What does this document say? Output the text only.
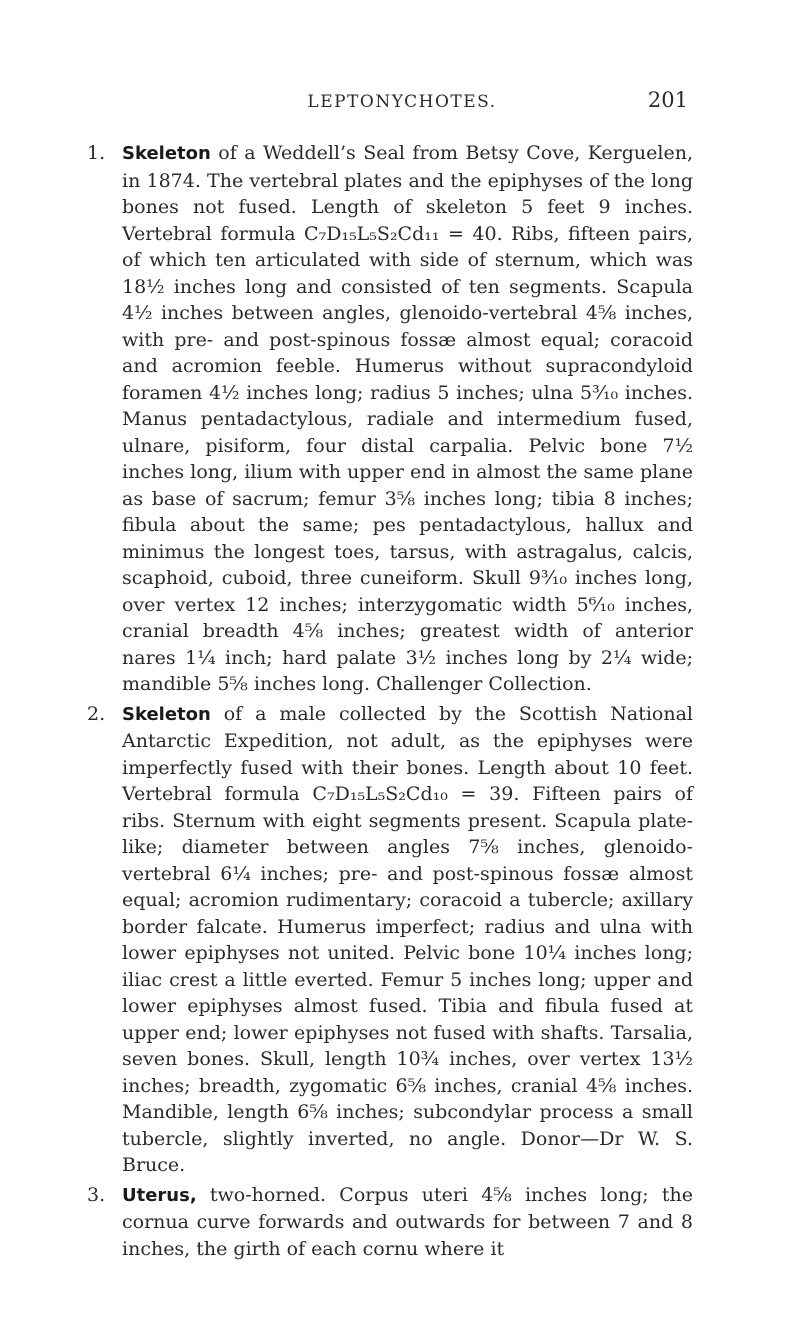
LEPTONYCHOTES.	201
1. Skeleton of a Weddell’s Seal from Betsy Cove, Kerguelen, in 1874. The vertebral plates and the epiphyses of the long bones not fused. Length of skeleton 5 feet 9 inches. Vertebral formula C₇D₁₅L₅S₂Cd₁₁ = 40. Ribs, fifteen pairs, of which ten articulated with side of sternum, which was 18½ inches long and consisted of ten segments. Scapula 4½ inches between angles, glenoido-vertebral 4⅝ inches, with pre- and post-spinous fossæ almost equal; coracoid and acromion feeble. Humerus without supracondyloid foramen 4½ inches long; radius 5 inches; ulna 5³⁄₁₀ inches. Manus pentadactylous, radiale and intermedium fused, ulnare, pisiform, four distal carpalia. Pelvic bone 7½ inches long, ilium with upper end in almost the same plane as base of sacrum; femur 3⅝ inches long; tibia 8 inches; fibula about the same; pes pentadactylous, hallux and minimus the longest toes, tarsus, with astragalus, calcis, scaphoid, cuboid, three cuneiform. Skull 9³⁄₁₀ inches long, over vertex 12 inches; interzygomatic width 5⁶⁄₁₀ inches, cranial breadth 4⅝ inches; greatest width of anterior nares 1¼ inch; hard palate 3½ inches long by 2¼ wide; mandible 5⅝ inches long. Challenger Collection.

2. Skeleton of a male collected by the Scottish National Antarctic Expedition, not adult, as the epiphyses were imperfectly fused with their bones. Length about 10 feet. Vertebral formula C₇D₁₅L₅S₂Cd₁₀ = 39. Fifteen pairs of ribs. Sternum with eight segments present. Scapula plate-like; diameter between angles 7⅝ inches, glenoido-vertebral 6¼ inches; pre- and post-spinous fossæ almost equal; acromion rudimentary; coracoid a tubercle; axillary border falcate. Humerus imperfect; radius and ulna with lower epiphyses not united. Pelvic bone 10¼ inches long; iliac crest a little everted. Femur 5 inches long; upper and lower epiphyses almost fused. Tibia and fibula fused at upper end; lower epiphyses not fused with shafts. Tarsalia, seven bones. Skull, length 10¾ inches, over vertex 13½ inches; breadth, zygomatic 6⅝ inches, cranial 4⅝ inches. Mandible, length 6⅝ inches; subcondylar process a small tubercle, slightly inverted, no angle. Donor—Dr W. S. Bruce.

3. Uterus, two-horned. Corpus uteri 4⅝ inches long; the cornua curve forwards and outwards for between 7 and 8 inches, the girth of each cornu where it
